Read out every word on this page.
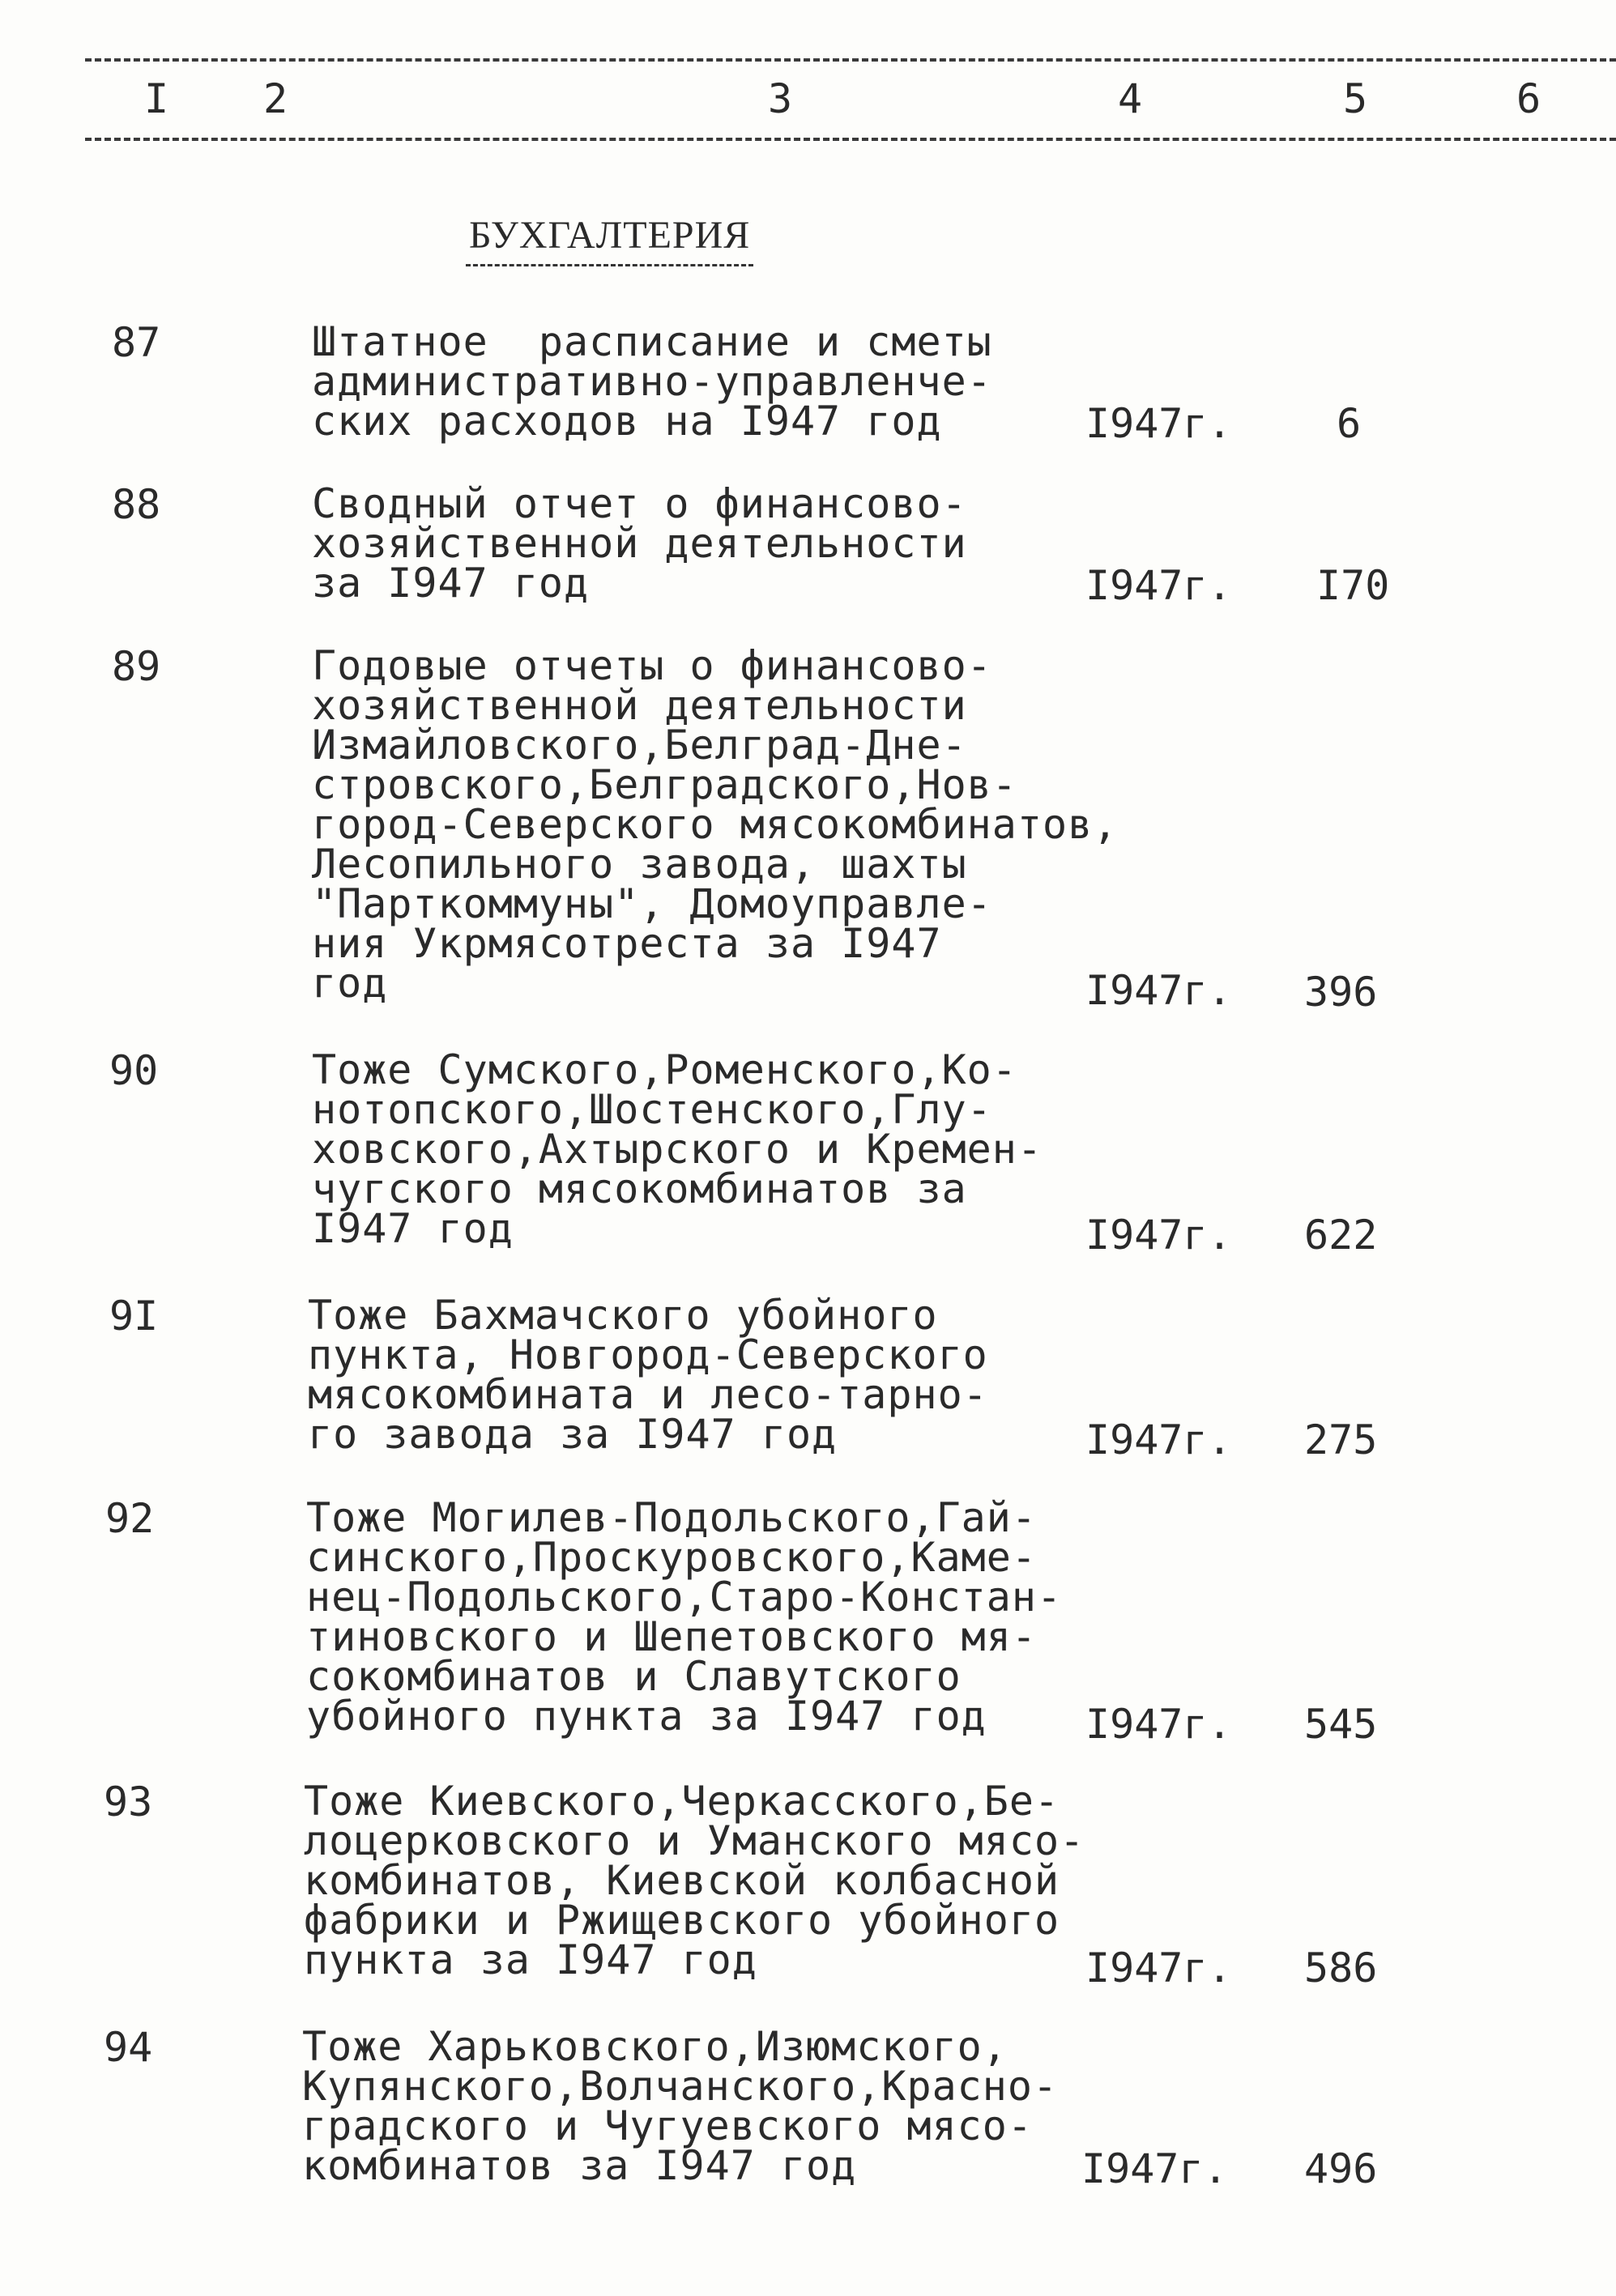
I 2	3	4	5	6
БУХГАЛТЕРИЯ
87	Штатное  расписание и сметы
административно-управленче-
ских расходов на I947 год	I947г.	6
88	Сводный отчет о финансово-
хозяйственной деятельности
за I947 год	I947г. I70
89	Годовые отчеты о финансово-
хозяйственной деятельности
Измайловского,Белград-Дне-
стровского,Белградского,Нов-
город-Северского мясокомбинатов,
Лесопильного завода, шахты
"Парткоммуны", Домоуправле-
ния Укрмясотреста за I947
год	I947г. 396
90	Тоже Сумского,Роменского,Ко-
нотопского,Шостенского,Глу-
ховского,Ахтырского и Кремен-
чугского мясокомбинатов за
I947 год	I947г. 622
9I	Тоже Бахмачского убойного
пункта, Новгород-Северского
мясокомбината и лесо-тарно-
го завода за I947 год	I947г. 275
92	Тоже Могилев-Подольского,Гай-
синского,Проскуровского,Каме-
нец-Подольского,Старо-Констан-
тиновского и Шепетовского мя-
сокомбинатов и Славутского
убойного пункта за I947 год	I947г. 545
93	Тоже Киевского,Черкасского,Бе-
лоцерковского и Уманского мясо-
комбинатов, Киевской колбасной
фабрики и Ржищевского убойного
пункта за I947 год	I947г. 586
94	Тоже Харьковского,Изюмского,
Купянского,Волчанского,Красно-
градского и Чугуевского мясо-
комбинатов за I947 год	I947г. 496
